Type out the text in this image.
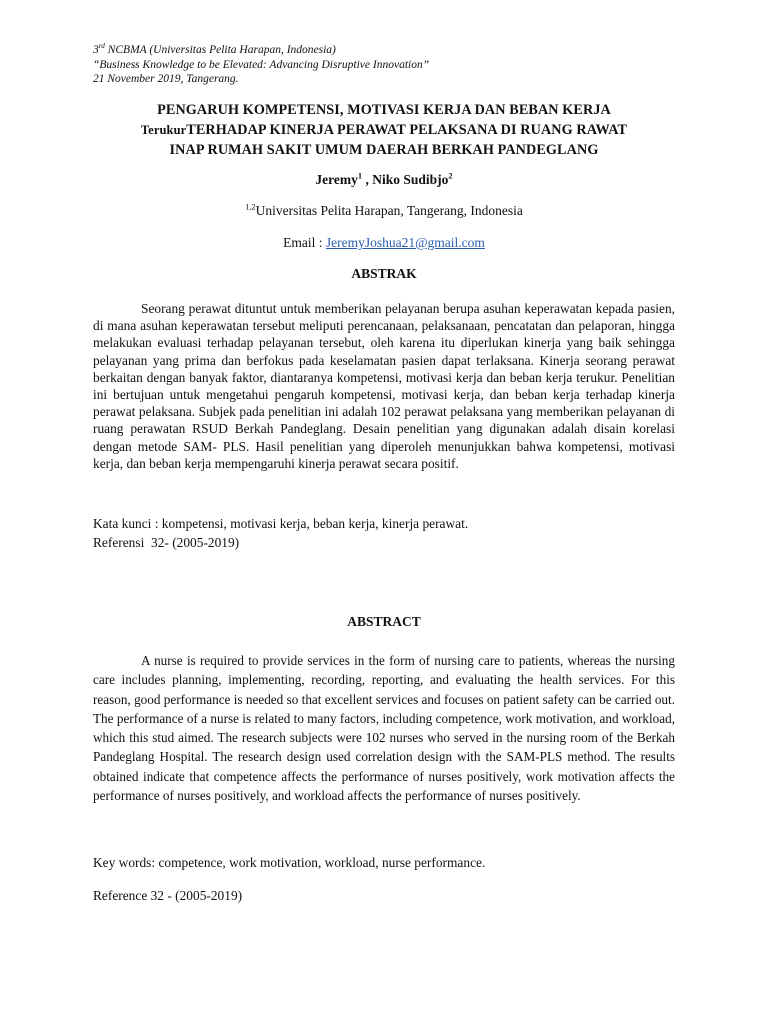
3rd NCBMA (Universitas Pelita Harapan, Indonesia)
“Business Knowledge to be Elevated: Advancing Disruptive Innovation”
21 November 2019, Tangerang.
PENGARUH KOMPETENSI, MOTIVASI KERJA DAN BEBAN KERJA
TerukurTERHADAP KINERJA PERAWAT PELAKSANA DI RUANG RAWAT
INAP RUMAH SAKIT UMUM DAERAH BERKAH PANDEGLANG
Jeremy$^1$ , Niko Sudibjo$^2$
$^{1,2}$Universitas Pelita Harapan, Tangerang, Indonesia
Email : JeremyJoshua21@gmail.com
ABSTRAK
Seorang perawat dituntut untuk memberikan pelayanan berupa asuhan keperawatan kepada pasien, di mana asuhan keperawatan tersebut meliputi perencanaan, pelaksanaan, pencatatan dan pelaporan, hingga melakukan evaluasi terhadap pelayanan tersebut, oleh karena itu diperlukan kinerja yang baik sehingga pelayanan yang prima dan berfokus pada keselamatan pasien dapat terlaksana. Kinerja seorang perawat berkaitan dengan banyak faktor, diantaranya kompetensi, motivasi kerja dan beban kerja terukur. Penelitian ini bertujuan untuk mengetahui pengaruh kompetensi, motivasi kerja, dan beban kerja terhadap kinerja perawat pelaksana. Subjek pada penelitian ini adalah 102 perawat pelaksana yang memberikan pelayanan di ruang perawatan RSUD Berkah Pandeglang. Desain penelitian yang digunakan adalah disain korelasi dengan metode SAM- PLS. Hasil penelitian yang diperoleh menunjukkan bahwa kompetensi, motivasi kerja, dan beban kerja mempengaruhi kinerja perawat secara positif.
Kata kunci : kompetensi, motivasi kerja, beban kerja, kinerja perawat.
Referensi  32- (2005-2019)
ABSTRACT
A nurse is required to provide services in the form of nursing care to patients, whereas the nursing care includes planning, implementing, recording, reporting, and evaluating the health services. For this reason, good performance is needed so that excellent services and focuses on patient safety can be carried out. The performance of a nurse is related to many factors, including competence, work motivation, and workload, which this stud aimed. The research subjects were 102 nurses who served in the nursing room of the Berkah Pandeglang Hospital. The research design used correlation design with the SAM-PLS method. The results obtained indicate that competence affects the performance of nurses positively, work motivation affects the performance of nurses positively, and workload affects the performance of nurses positively.
Key words: competence, work motivation, workload, nurse performance.
Reference 32 - (2005-2019)
